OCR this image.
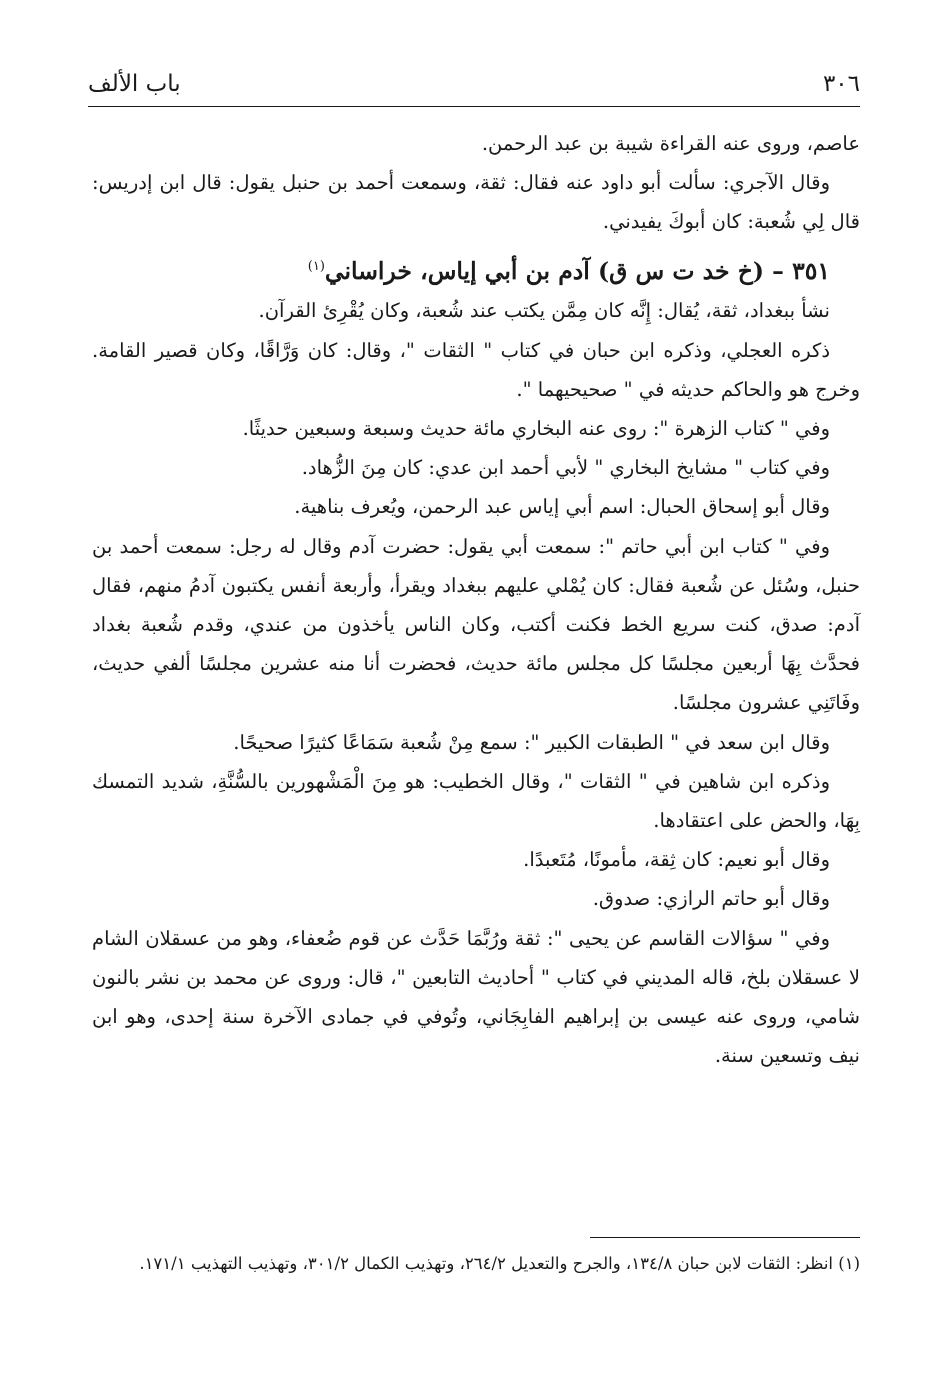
٣٠٦
باب الألف

عاصم، وروى عنه القراءة شيبة بن عبد الرحمن.

وقال الآجري: سألت أبو داود عنه فقال: ثقة، وسمعت أحمد بن حنبل يقول: قال ابن إدريس: قال لِي شُعبة: كان أبوكَ يفيدني.

٣٥١ – (خ خد ت س ق) آدم بن أبي إياس، خراساني$^{(١)}$

نشأ ببغداد، ثقة، يُقال: إِنَّه كان مِمَّن يكتب عند شُعبة، وكان يُقْرِئ القرآن.

ذكره العجلي، وذكره ابن حبان في كتاب " الثقات "، وقال: كان وَرَّاقًا، وكان قصير القامة. وخرج هو والحاكم حديثه في " صحيحيهما ".

وفي " كتاب الزهرة ": روى عنه البخاري مائة حديث وسبعة وسبعين حديثًا.

وفي كتاب " مشايخ البخاري " لأبي أحمد ابن عدي: كان مِنَ الزُّهاد.

وقال أبو إسحاق الحبال: اسم أبي إياس عبد الرحمن، ويُعرف بناهية.

وفي " كتاب ابن أبي حاتم ": سمعت أبي يقول: حضرت آدم وقال له رجل: سمعت أحمد بن حنبل، وسُئل عن شُعبة فقال: كان يُمْلي عليهم ببغداد ويقرأ، وأربعة أنفس يكتبون آدمُ منهم، فقال آدم: صدق، كنت سريع الخط فكنت أكتب، وكان الناس يأخذون من عندي، وقدم شُعبة بغداد فحدَّث بِهَا أربعين مجلسًا كل مجلس مائة حديث، فحضرت أنا منه عشرين مجلسًا ألفي حديث، وفَاتَنِي عشرون مجلسًا.

وقال ابن سعد في " الطبقات الكبير ": سمع مِنْ شُعبة سَمَاعًا كثيرًا صحيحًا.

وذكره ابن شاهين في " الثقات "، وقال الخطيب: هو مِنَ الْمَشْهورين بالسُّنَّةِ، شديد التمسك بِهَا، والحض على اعتقادها.

وقال أبو نعيم: كان ثِقة، مأمونًا، مُتَعبدًا.

وقال أبو حاتم الرازي: صدوق.

وفي " سؤالات القاسم عن يحيى ": ثقة ورُبَّمَا حَدَّث عن قوم ضُعفاء، وهو من عسقلان الشام لا عسقلان بلخ، قاله المديني في كتاب " أحاديث التابعين "، قال: وروى عن محمد بن نشر بالنون شامي، وروى عنه عيسى بن إبراهيم الفابِجَاني، وتُوفي في جمادى الآخرة سنة إحدى، وهو ابن نيف وتسعين سنة.

(١) انظر: الثقات لابن حبان ١٣٤/٨، والجرح والتعديل ٢٦٤/٢، وتهذيب الكمال ٣٠١/٢، وتهذيب التهذيب ١٧١/١.
